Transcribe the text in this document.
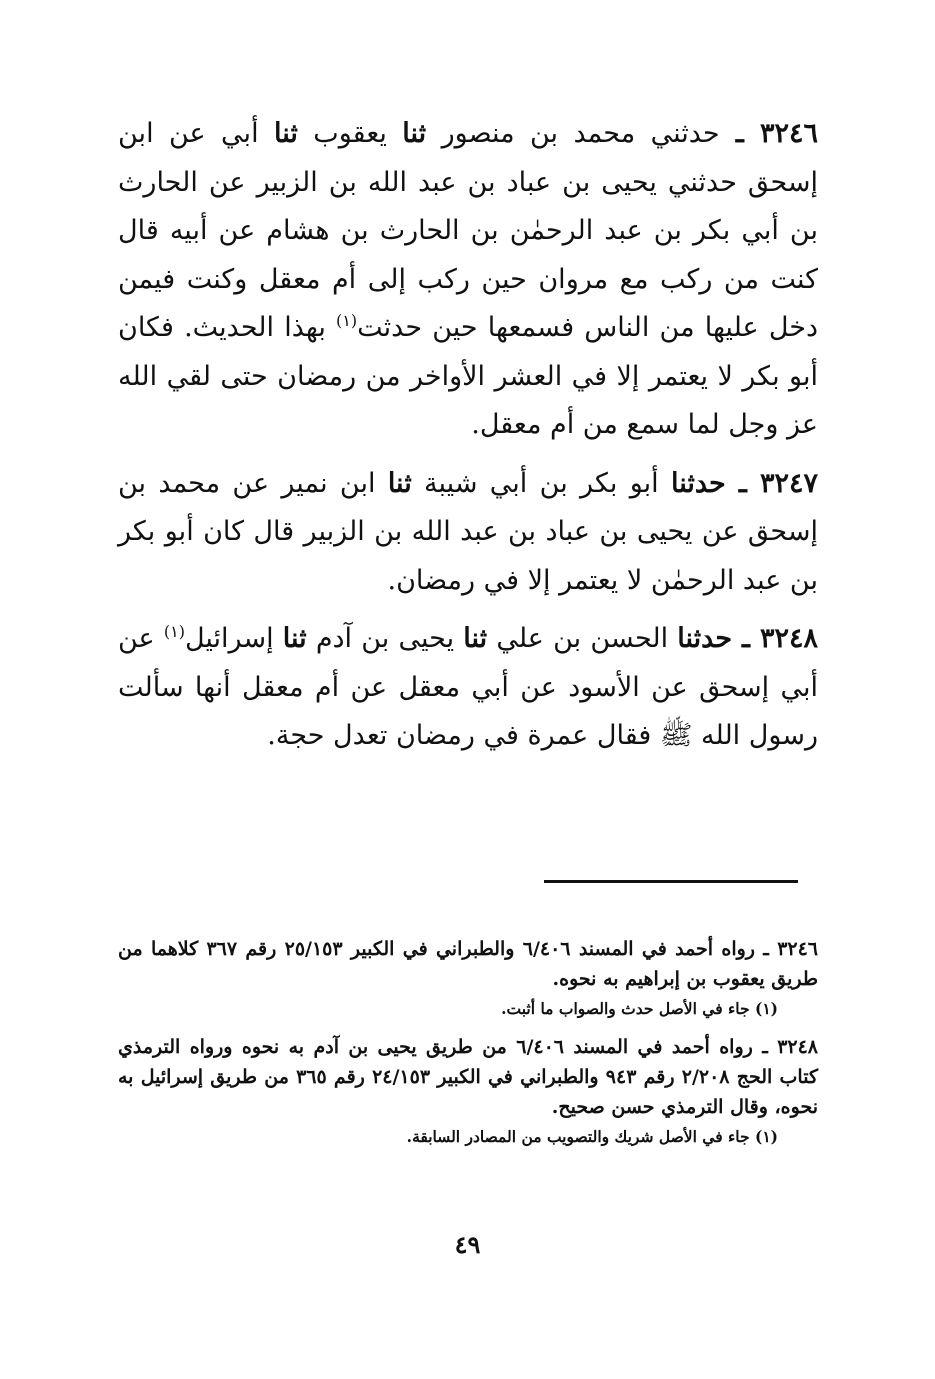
٣٢٤٦ ـ حدثني محمد بن منصور ثنا يعقوب ثنا أبي عن ابن إسحق حدثني يحيى بن عباد بن عبد الله بن الزبير عن الحارث بن أبي بكر بن عبد الرحمٰن بن الحارث بن هشام عن أبيه قال كنت من ركب مع مروان حين ركب إلى أم معقل وكنت فيمن دخل عليها من الناس فسمعها حين حدثت$^{(١)}$ بهذا الحديث. فكان أبو بكر لا يعتمر إلا في العشر الأواخر من رمضان حتى لقي الله عز وجل لما سمع من أم معقل.

٣٢٤٧ ـ حدثنا أبو بكر بن أبي شيبة ثنا ابن نمير عن محمد بن إسحق عن يحيى بن عباد بن عبد الله بن الزبير قال كان أبو بكر بن عبد الرحمٰن لا يعتمر إلا في رمضان.

٣٢٤٨ ـ حدثنا الحسن بن علي ثنا يحيى بن آدم ثنا إسرائيل$^{(١)}$ عن أبي إسحق عن الأسود عن أبي معقل عن أم معقل أنها سألت رسول الله ﷺ فقال عمرة في رمضان تعدل حجة.

٣٢٤٦ ـ رواه أحمد في المسند ٦/٤٠٦ والطبراني في الكبير ٢٥/١٥٣ رقم ٣٦٧ كلاهما من طريق يعقوب بن إبراهيم به نحوه.

(١) جاء في الأصل حدث والصواب ما أثبت.

٣٢٤٨ ـ رواه أحمد في المسند ٦/٤٠٦ من طريق يحيى بن آدم به نحوه ورواه الترمذي كتاب الحج ٢/٢٠٨ رقم ٩٤٣ والطبراني في الكبير ٢٤/١٥٣ رقم ٣٦٥ من طريق إسرائيل به نحوه، وقال الترمذي حسن صحيح.

(١) جاء في الأصل شريك والتصويب من المصادر السابقة.

٤٩
